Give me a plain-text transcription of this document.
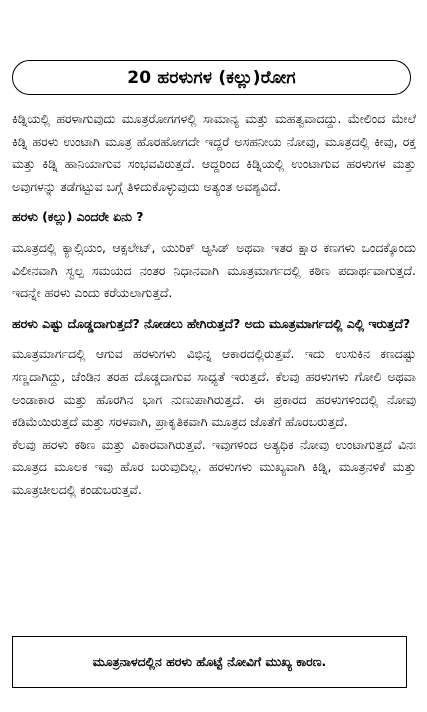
20 ಹರಳುಗಳ (ಕಲ್ಲು)ರೋಗ

ಕಿಡ್ನಿಯಲ್ಲಿ ಹರಳಾಗುವುದು ಮೂತ್ರರೋಗಗಳಲ್ಲಿ ಸಾಮಾನ್ಯ ಮತ್ತು ಮಹತ್ವವಾದದ್ದು. ಮೇಲಿಂದ ಮೇಲೆ ಕಿಡ್ನಿ ಹರಳು ಉಂಟಾಗಿ ಮೂತ್ರ ಹೊರಹೋಗದೇ ಇದ್ದರೆ ಅಸಹನೀಯ ನೋವು, ಮೂತ್ರದಲ್ಲಿ ಕೀವು, ರಕ್ತ ಮತ್ತು ಕಿಡ್ನಿ ಹಾನಿಯಾಗುವ ಸಂಭವವಿರುತ್ತದೆ. ಆದ್ದರಿಂದ ಕಿಡ್ನಿಯಲ್ಲಿ ಉಂಟಾಗುವ ಹರಳುಗಳ ಮತ್ತು ಅವುಗಳನ್ನು ತಡೆಗಟ್ಟುವ ಬಗ್ಗೆ ತಿಳಿದುಕೊಳ್ಳುವುದು ಅತ್ಯಂತ ಅವಶ್ಯವಿದೆ.

ಹರಳು (ಕಲ್ಲು) ಎಂದರೇ ಏನು ?

ಮೂತ್ರದಲ್ಲಿ ಕ್ಯಾಲ್ಸಿಯಂ, ಆಕ್ಸಲೇಟ್, ಯುರಿಕ್ ಆ್ಯಸಿಡ್ ಅಥವಾ ಇತರ ಕ್ಷಾರ ಕಣಗಳು ಒಂದಕ್ಕೊಂದು ವಿಲೀನವಾಗಿ ಸ್ವಲ್ಪ ಸಮಯದ ನಂತರ ನಿಧಾನವಾಗಿ ಮೂತ್ರಮಾರ್ಗದಲ್ಲಿ ಕಠಿಣ ಪದಾರ್ಥವಾಗುತ್ತದೆ. ಇದನ್ನೇ ಹರಳು ಎಂದು ಕರೆಯಲಾಗುತ್ತದೆ.

ಹರಳು ಎಷ್ಟು ದೊಡ್ಡದಾಗುತ್ತದೆ? ನೋಡಲು ಹೇಗಿರುತ್ತದೆ? ಅದು ಮೂತ್ರಮಾರ್ಗದಲ್ಲಿ ಎಲ್ಲಿ ಇರುತ್ತದೆ?

ಮೂತ್ರಮಾರ್ಗದಲ್ಲಿ ಆಗುವ ಹರಳುಗಳು ವಿಭಿನ್ನ ಆಕಾರದಲ್ಲಿರುತ್ತವೆ. ಇದು ಉಸುಕಿನ ಕಣದಷ್ಟು ಸಣ್ಣದಾಗಿದ್ದು, ಚೆಂಡಿನ ತರಹ ದೊಡ್ಡದಾಗುವ ಸಾಧ್ಯತೆ ಇರುತ್ತದೆ. ಕೆಲವು ಹರಳುಗಳು ಗೋಲಿ ಅಥವಾ ಅಂಡಾಕಾರ ಮತ್ತು ಹೊರಗಿನ ಭಾಗ ನುಣುಪಾಗಿರುತ್ತದೆ. ಈ ಪ್ರಕಾರದ ಹರಳುಗಳಿಂದಲ್ಲಿ ನೋವು ಕಡಿಮೆಯಿರುತ್ತದೆ ಮತ್ತು ಸರಳವಾಗಿ, ಪ್ರಾಕೃತಿಕವಾಗಿ ಮೂತ್ರದ ಜೊತೆಗೆ ಹೊರಬರುತ್ತದೆ.

ಕೆಲವು ಹರಳು ಕಠಿಣ ಮತ್ತು ವಿಕಾರವಾಗಿರುತ್ತವೆ. ಇವುಗಳಿಂದ ಅತ್ಯಧಿಕ ನೋವು ಉಂಟಾಗುತ್ತದೆ ವಿನಃ ಮೂತ್ರದ ಮೂಲಕ ಇವು ಹೊರ ಬರುವುದಿಲ್ಲ. ಹರಳುಗಳು ಮುಖ್ಯವಾಗಿ ಕಿಡ್ನಿ, ಮೂತ್ರನಳಿಕೆ ಮತ್ತು ಮೂತ್ರಚೀಲದಲ್ಲಿ ಕಂಡುಬರುತ್ತವೆ.

ಮೂತ್ರನಾಳದಲ್ಲಿನ ಹರಳು ಹೊಟ್ಟೆ ನೋವಿಗೆ ಮುಖ್ಯ ಕಾರಣ.
